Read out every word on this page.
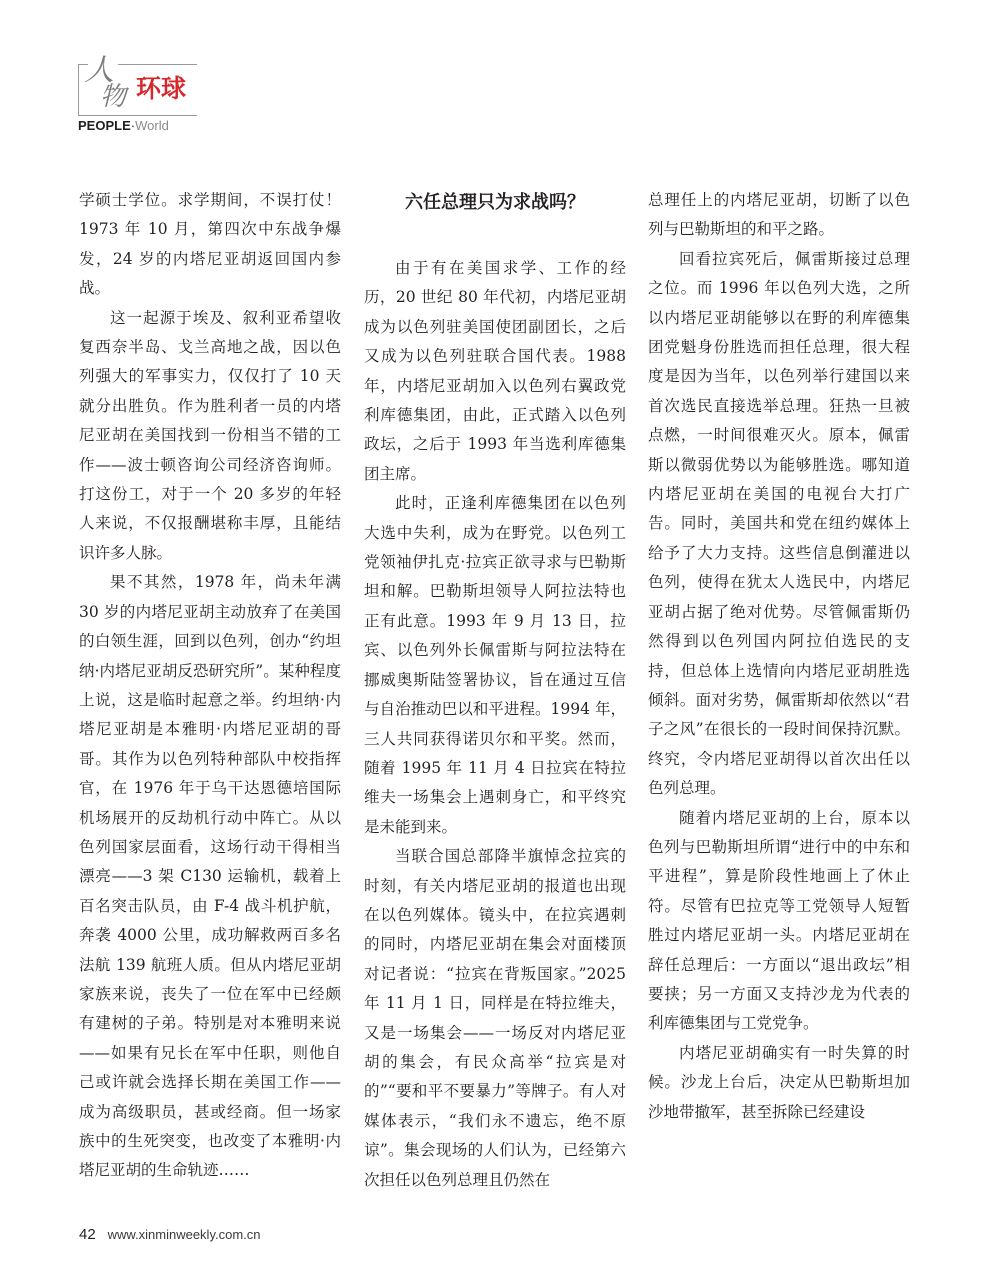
人
物 环球
PEOPLE·World

学硕士学位。求学期间，不误打仗！1973 年 10 月，第四次中东战争爆发，24 岁的内塔尼亚胡返回国内参战。

这一起源于埃及、叙利亚希望收复西奈半岛、戈兰高地之战，因以色列强大的军事实力，仅仅打了 10 天就分出胜负。作为胜利者一员的内塔尼亚胡在美国找到一份相当不错的工作——波士顿咨询公司经济咨询师。打这份工，对于一个 20 多岁的年轻人来说，不仅报酬堪称丰厚，且能结识许多人脉。

果不其然，1978 年，尚未年满 30 岁的内塔尼亚胡主动放弃了在美国的白领生涯，回到以色列，创办“约坦纳·内塔尼亚胡反恐研究所”。某种程度上说，这是临时起意之举。约坦纳·内塔尼亚胡是本雅明·内塔尼亚胡的哥哥。其作为以色列特种部队中校指挥官，在 1976 年于乌干达恩德培国际机场展开的反劫机行动中阵亡。从以色列国家层面看，这场行动干得相当漂亮——3 架 C130 运输机，载着上百名突击队员，由 F-4 战斗机护航，奔袭 4000 公里，成功解救两百多名法航 139 航班人质。但从内塔尼亚胡家族来说，丧失了一位在军中已经颇有建树的子弟。特别是对本雅明来说——如果有兄长在军中任职，则他自己或许就会选择长期在美国工作——成为高级职员，甚或经商。但一场家族中的生死突变，也改变了本雅明·内塔尼亚胡的生命轨迹……

六任总理只为求战吗？

由于有在美国求学、工作的经历，20 世纪 80 年代初，内塔尼亚胡成为以色列驻美国使团副团长，之后又成为以色列驻联合国代表。1988 年，内塔尼亚胡加入以色列右翼政党利库德集团，由此，正式踏入以色列政坛，之后于 1993 年当选利库德集团主席。

此时，正逢利库德集团在以色列大选中失利，成为在野党。以色列工党领袖伊扎克·拉宾正欲寻求与巴勒斯坦和解。巴勒斯坦领导人阿拉法特也正有此意。1993 年 9 月 13 日，拉宾、以色列外长佩雷斯与阿拉法特在挪威奥斯陆签署协议，旨在通过互信与自治推动巴以和平进程。1994 年，三人共同获得诺贝尔和平奖。然而，随着 1995 年 11 月 4 日拉宾在特拉维夫一场集会上遇刺身亡，和平终究是未能到来。

当联合国总部降半旗悼念拉宾的时刻，有关内塔尼亚胡的报道也出现在以色列媒体。镜头中，在拉宾遇刺的同时，内塔尼亚胡在集会对面楼顶对记者说：“拉宾在背叛国家。”2025 年 11 月 1 日，同样是在特拉维夫，又是一场集会——一场反对内塔尼亚胡的集会，有民众高举“拉宾是对的”“要和平不要暴力”等牌子。有人对媒体表示，“我们永不遗忘，绝不原谅”。集会现场的人们认为，已经第六次担任以色列总理且仍然在

总理任上的内塔尼亚胡，切断了以色列与巴勒斯坦的和平之路。

回看拉宾死后，佩雷斯接过总理之位。而 1996 年以色列大选，之所以内塔尼亚胡能够以在野的利库德集团党魁身份胜选而担任总理，很大程度是因为当年，以色列举行建国以来首次选民直接选举总理。狂热一旦被点燃，一时间很难灭火。原本，佩雷斯以微弱优势以为能够胜选。哪知道内塔尼亚胡在美国的电视台大打广告。同时，美国共和党在纽约媒体上给予了大力支持。这些信息倒灌进以色列，使得在犹太人选民中，内塔尼亚胡占据了绝对优势。尽管佩雷斯仍然得到以色列国内阿拉伯选民的支持，但总体上选情向内塔尼亚胡胜选倾斜。面对劣势，佩雷斯却依然以“君子之风”在很长的一段时间保持沉默。终究，令内塔尼亚胡得以首次出任以色列总理。

随着内塔尼亚胡的上台，原本以色列与巴勒斯坦所谓“进行中的中东和平进程”，算是阶段性地画上了休止符。尽管有巴拉克等工党领导人短暂胜过内塔尼亚胡一头。内塔尼亚胡在辞任总理后：一方面以“退出政坛”相要挟；另一方面又支持沙龙为代表的利库德集团与工党党争。

内塔尼亚胡确实有一时失算的时候。沙龙上台后，决定从巴勒斯坦加沙地带撤军，甚至拆除已经建设

42 www.xinminweekly.com.cn
